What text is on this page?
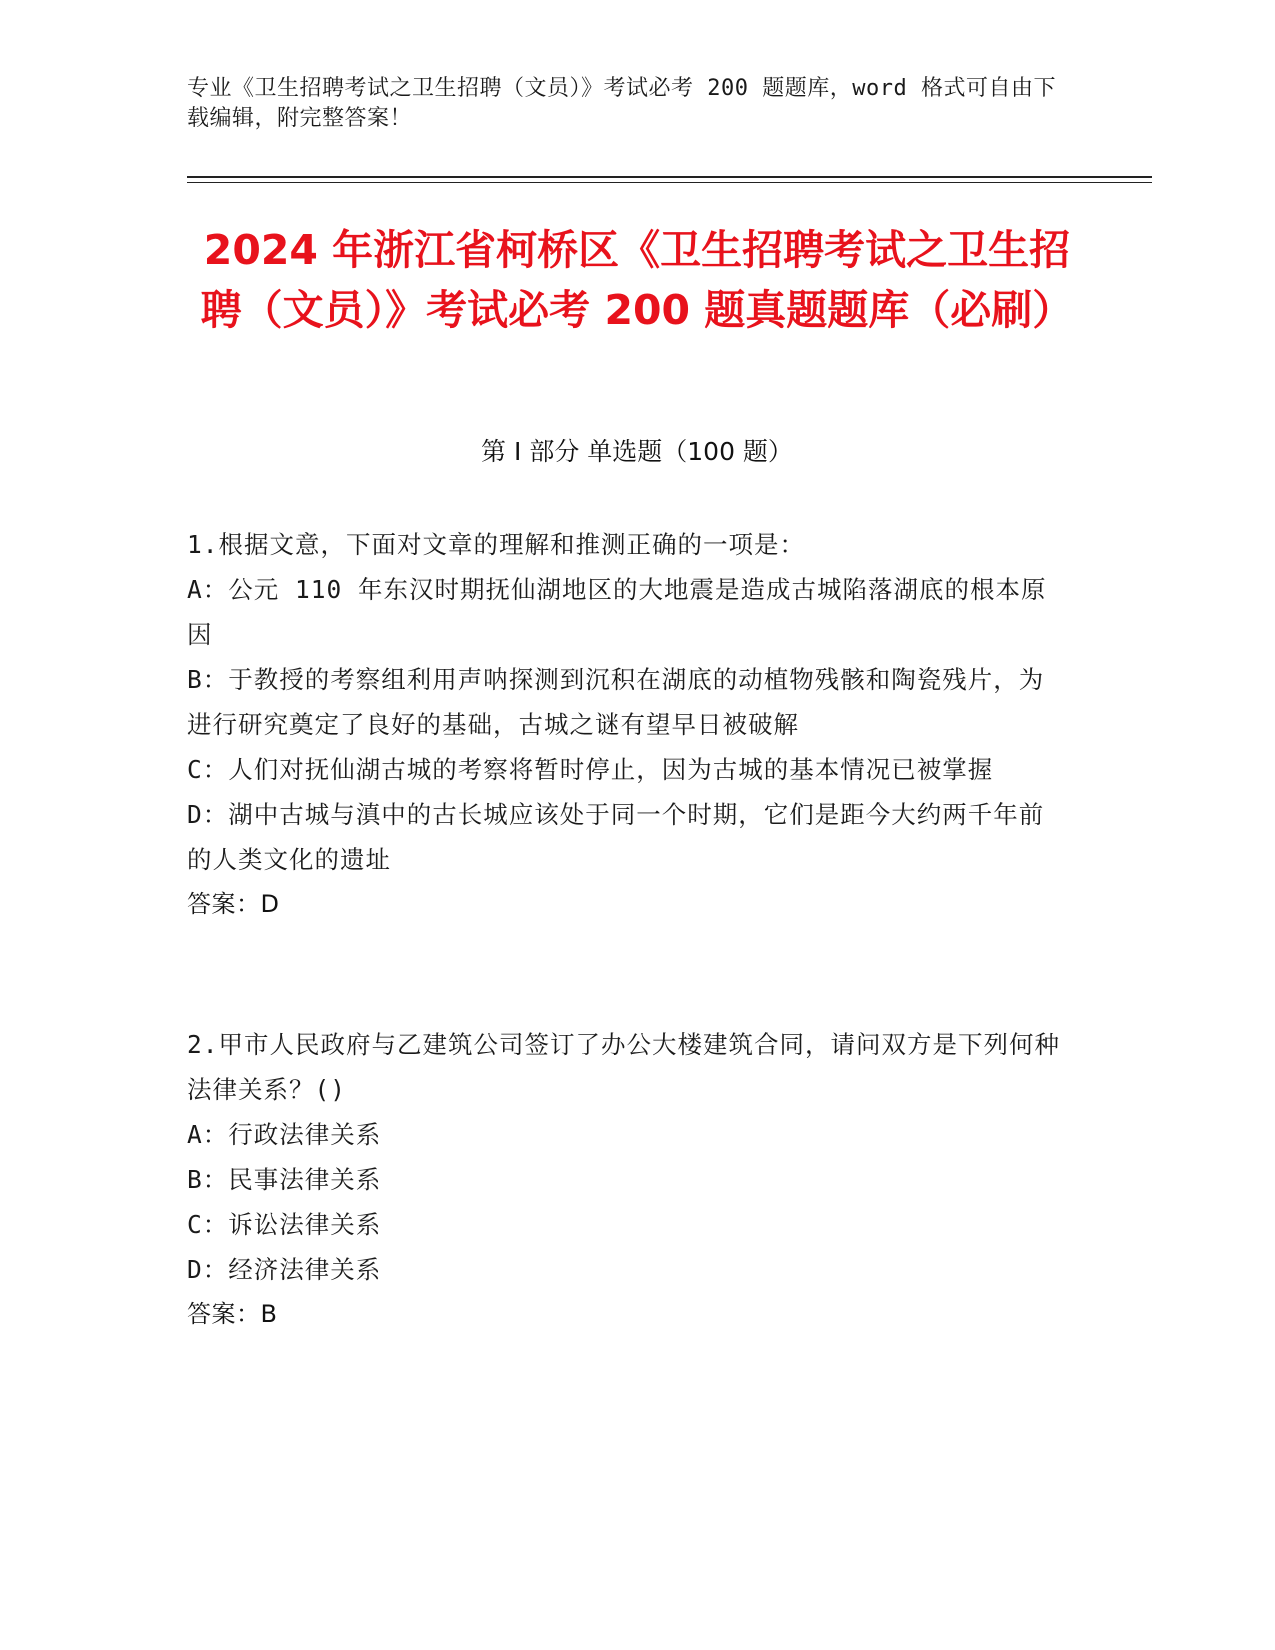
专业《卫生招聘考试之卫生招聘（文员）》考试必考 200 题题库，word 格式可自由下载编辑，附完整答案！
2024 年浙江省柯桥区《卫生招聘考试之卫生招聘（文员）》考试必考 200 题真题题库（必刷）
第 I 部分 单选题（100 题）
1.根据文意，下面对文章的理解和推测正确的一项是：
A：公元 110 年东汉时期抚仙湖地区的大地震是造成古城陷落湖底的根本原因
B：于教授的考察组利用声呐探测到沉积在湖底的动植物残骸和陶瓷残片，为进行研究奠定了良好的基础，古城之谜有望早日被破解
C：人们对抚仙湖古城的考察将暂时停止，因为古城的基本情况已被掌握
D：湖中古城与滇中的古长城应该处于同一个时期，它们是距今大约两千年前的人类文化的遗址
答案：D
2.甲市人民政府与乙建筑公司签订了办公大楼建筑合同，请问双方是下列何种法律关系？()
A：行政法律关系
B：民事法律关系
C：诉讼法律关系
D：经济法律关系
答案：B
